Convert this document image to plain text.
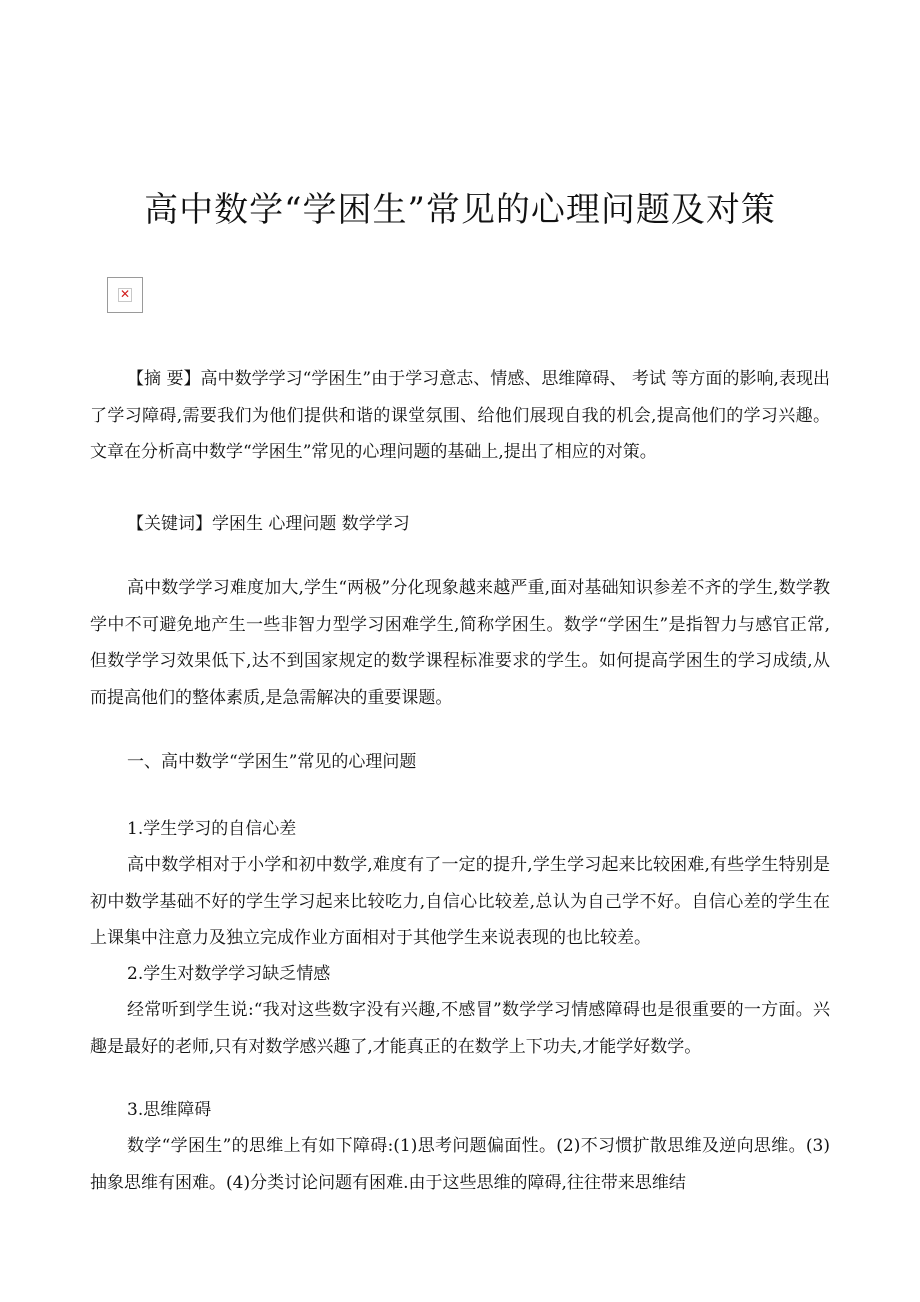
高中数学“学困生”常见的心理问题及对策
✕

【摘 要】高中数学学习“学困生”由于学习意志、情感、思维障碍、 考试 等方面的影响,表现出了学习障碍,需要我们为他们提供和谐的课堂氛围、给他们展现自我的机会,提高他们的学习兴趣。文章在分析高中数学“学困生”常见的心理问题的基础上,提出了相应的对策。

【关键词】学困生 心理问题 数学学习

高中数学学习难度加大,学生“两极”分化现象越来越严重,面对基础知识参差不齐的学生,数学教学中不可避免地产生一些非智力型学习困难学生,简称学困生。数学“学困生”是指智力与感官正常,但数学学习效果低下,达不到国家规定的数学课程标准要求的学生。如何提高学困生的学习成绩,从而提高他们的整体素质,是急需解决的重要课题。

一、高中数学“学困生”常见的心理问题

1.学生学习的自信心差

高中数学相对于小学和初中数学,难度有了一定的提升,学生学习起来比较困难,有些学生特别是初中数学基础不好的学生学习起来比较吃力,自信心比较差,总认为自己学不好。自信心差的学生在上课集中注意力及独立完成作业方面相对于其他学生来说表现的也比较差。

2.学生对数学学习缺乏情感

经常听到学生说:“我对这些数字没有兴趣,不感冒”数学学习情感障碍也是很重要的一方面。兴趣是最好的老师,只有对数学感兴趣了,才能真正的在数学上下功夫,才能学好数学。

3.思维障碍

数学“学困生”的思维上有如下障碍:(1)思考问题偏面性。(2)不习惯扩散思维及逆向思维。(3)抽象思维有困难。(4)分类讨论问题有困难.由于这些思维的障碍,往往带来思维结
